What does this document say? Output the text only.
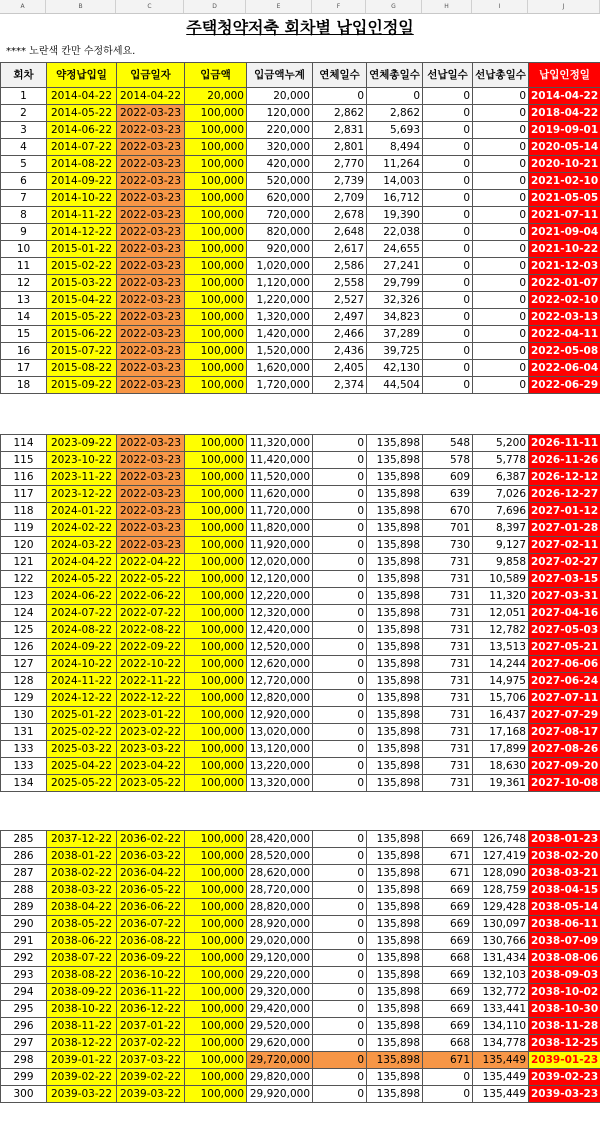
A	B	C	D	E	F	G	H	I	J
주택청약저축 회차별 납입인정일
**** 노란색 칸만 수정하세요.
회차	약정납입일	입금일자	입금액	입금액누계	연체일수	연체총일수	선납일수	선납총일수	납입인정일
1	2014-04-22	2014-04-22	20,000	20,000	0	0	0	0	2014-04-22
2	2014-05-22	2022-03-23	100,000	120,000	2,862	2,862	0	0	2018-04-22
3	2014-06-22	2022-03-23	100,000	220,000	2,831	5,693	0	0	2019-09-01
4	2014-07-22	2022-03-23	100,000	320,000	2,801	8,494	0	0	2020-05-14
5	2014-08-22	2022-03-23	100,000	420,000	2,770	11,264	0	0	2020-10-21
6	2014-09-22	2022-03-23	100,000	520,000	2,739	14,003	0	0	2021-02-10
7	2014-10-22	2022-03-23	100,000	620,000	2,709	16,712	0	0	2021-05-05
8	2014-11-22	2022-03-23	100,000	720,000	2,678	19,390	0	0	2021-07-11
9	2014-12-22	2022-03-23	100,000	820,000	2,648	22,038	0	0	2021-09-04
10	2015-01-22	2022-03-23	100,000	920,000	2,617	24,655	0	0	2021-10-22
11	2015-02-22	2022-03-23	100,000	1,020,000	2,586	27,241	0	0	2021-12-03
12	2015-03-22	2022-03-23	100,000	1,120,000	2,558	29,799	0	0	2022-01-07
13	2015-04-22	2022-03-23	100,000	1,220,000	2,527	32,326	0	0	2022-02-10
14	2015-05-22	2022-03-23	100,000	1,320,000	2,497	34,823	0	0	2022-03-13
15	2015-06-22	2022-03-23	100,000	1,420,000	2,466	37,289	0	0	2022-04-11
16	2015-07-22	2022-03-23	100,000	1,520,000	2,436	39,725	0	0	2022-05-08
17	2015-08-22	2022-03-23	100,000	1,620,000	2,405	42,130	0	0	2022-06-04
18	2015-09-22	2022-03-23	100,000	1,720,000	2,374	44,504	0	0	2022-06-29
114	2023-09-22	2022-03-23	100,000	11,320,000	0	135,898	548	5,200	2026-11-11
115	2023-10-22	2022-03-23	100,000	11,420,000	0	135,898	578	5,778	2026-11-26
116	2023-11-22	2022-03-23	100,000	11,520,000	0	135,898	609	6,387	2026-12-12
117	2023-12-22	2022-03-23	100,000	11,620,000	0	135,898	639	7,026	2026-12-27
118	2024-01-22	2022-03-23	100,000	11,720,000	0	135,898	670	7,696	2027-01-12
119	2024-02-22	2022-03-23	100,000	11,820,000	0	135,898	701	8,397	2027-01-28
120	2024-03-22	2022-03-23	100,000	11,920,000	0	135,898	730	9,127	2027-02-11
121	2024-04-22	2022-04-22	100,000	12,020,000	0	135,898	731	9,858	2027-02-27
122	2024-05-22	2022-05-22	100,000	12,120,000	0	135,898	731	10,589	2027-03-15
123	2024-06-22	2022-06-22	100,000	12,220,000	0	135,898	731	11,320	2027-03-31
124	2024-07-22	2022-07-22	100,000	12,320,000	0	135,898	731	12,051	2027-04-16
125	2024-08-22	2022-08-22	100,000	12,420,000	0	135,898	731	12,782	2027-05-03
126	2024-09-22	2022-09-22	100,000	12,520,000	0	135,898	731	13,513	2027-05-21
127	2024-10-22	2022-10-22	100,000	12,620,000	0	135,898	731	14,244	2027-06-06
128	2024-11-22	2022-11-22	100,000	12,720,000	0	135,898	731	14,975	2027-06-24
129	2024-12-22	2022-12-22	100,000	12,820,000	0	135,898	731	15,706	2027-07-11
130	2025-01-22	2023-01-22	100,000	12,920,000	0	135,898	731	16,437	2027-07-29
131	2025-02-22	2023-02-22	100,000	13,020,000	0	135,898	731	17,168	2027-08-17
133	2025-03-22	2023-03-22	100,000	13,120,000	0	135,898	731	17,899	2027-08-26
133	2025-04-22	2023-04-22	100,000	13,220,000	0	135,898	731	18,630	2027-09-20
134	2025-05-22	2023-05-22	100,000	13,320,000	0	135,898	731	19,361	2027-10-08
285	2037-12-22	2036-02-22	100,000	28,420,000	0	135,898	669	126,748	2038-01-23
286	2038-01-22	2036-03-22	100,000	28,520,000	0	135,898	671	127,419	2038-02-20
287	2038-02-22	2036-04-22	100,000	28,620,000	0	135,898	671	128,090	2038-03-21
288	2038-03-22	2036-05-22	100,000	28,720,000	0	135,898	669	128,759	2038-04-15
289	2038-04-22	2036-06-22	100,000	28,820,000	0	135,898	669	129,428	2038-05-14
290	2038-05-22	2036-07-22	100,000	28,920,000	0	135,898	669	130,097	2038-06-11
291	2038-06-22	2036-08-22	100,000	29,020,000	0	135,898	669	130,766	2038-07-09
292	2038-07-22	2036-09-22	100,000	29,120,000	0	135,898	668	131,434	2038-08-06
293	2038-08-22	2036-10-22	100,000	29,220,000	0	135,898	669	132,103	2038-09-03
294	2038-09-22	2036-11-22	100,000	29,320,000	0	135,898	669	132,772	2038-10-02
295	2038-10-22	2036-12-22	100,000	29,420,000	0	135,898	669	133,441	2038-10-30
296	2038-11-22	2037-01-22	100,000	29,520,000	0	135,898	669	134,110	2038-11-28
297	2038-12-22	2037-02-22	100,000	29,620,000	0	135,898	668	134,778	2038-12-25
298	2039-01-22	2037-03-22	100,000	29,720,000	0	135,898	671	135,449	2039-01-23
299	2039-02-22	2039-02-22	100,000	29,820,000	0	135,898	0	135,449	2039-02-23
300	2039-03-22	2039-03-22	100,000	29,920,000	0	135,898	0	135,449	2039-03-23
